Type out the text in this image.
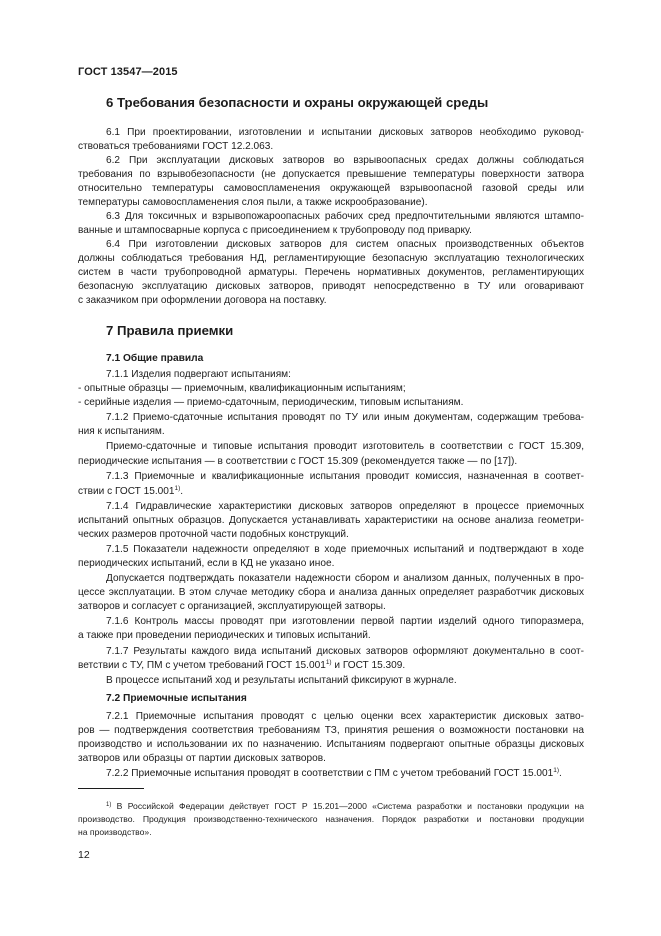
ГОСТ 13547—2015
6 Требования безопасности и охраны окружающей среды
6.1 При проектировании, изготовлении и испытании дисковых затворов необходимо руковод-
ствоваться требованиями ГОСТ 12.2.063.
6.2 При эксплуатации дисковых затворов во взрывоопасных средах должны соблюдаться
требования по взрывобезопасности (не допускается превышение температуры поверхности затвора
относительно температуры самовоспламенения окружающей взрывоопасной газовой среды или
температуры самовоспламенения слоя пыли, а также искрообразование).
6.3 Для токсичных и взрывопожароопасных рабочих сред предпочтительными являются штампо-
ванные и штампосварные корпуса с присоединением к трубопроводу под приварку.
6.4 При изготовлении дисковых затворов для систем опасных производственных объектов
должны соблюдаться требования НД, регламентирующие безопасную эксплуатацию технологических
систем в части трубопроводной арматуры. Перечень нормативных документов, регламентирующих
безопасную эксплуатацию дисковых затворов, приводят непосредственно в ТУ или оговаривают
с заказчиком при оформлении договора на поставку.
7 Правила приемки
7.1 Общие правила
7.1.1 Изделия подвергают испытаниям:
- опытные образцы — приемочным, квалификационным испытаниям;
- серийные изделия — приемо-сдаточным, периодическим, типовым испытаниям.
7.1.2 Приемо-сдаточные испытания проводят по ТУ или иным документам, содержащим требова-
ния к испытаниям.
Приемо-сдаточные и типовые испытания проводит изготовитель в соответствии с ГОСТ 15.309,
периодические испытания — в соответствии с ГОСТ 15.309 (рекомендуется также — по [17]).
7.1.3 Приемочные и квалификационные испытания проводит комиссия, назначенная в соответ-
ствии с ГОСТ 15.001$^{1)}$.
7.1.4 Гидравлические характеристики дисковых затворов определяют в процессе приемочных
испытаний опытных образцов. Допускается устанавливать характеристики на основе анализа геометри-
ческих размеров проточной части подобных конструкций.
7.1.5 Показатели надежности определяют в ходе приемочных испытаний и подтверждают в ходе
периодических испытаний, если в КД не указано иное.
Допускается подтверждать показатели надежности сбором и анализом данных, полученных в про-
цессе эксплуатации. В этом случае методику сбора и анализа данных определяет разработчик дисковых
затворов и согласует с организацией, эксплуатирующей затворы.
7.1.6 Контроль массы проводят при изготовлении первой партии изделий одного типоразмера,
а также при проведении периодических и типовых испытаний.
7.1.7 Результаты каждого вида испытаний дисковых затворов оформляют документально в соот-
ветствии с ТУ, ПМ с учетом требований ГОСТ 15.001$^{1)}$ и ГОСТ 15.309.
В процессе испытаний ход и результаты испытаний фиксируют в журнале.
7.2 Приемочные испытания
7.2.1 Приемочные испытания проводят с целью оценки всех характеристик дисковых затво-
ров — подтверждения соответствия требованиям ТЗ, принятия решения о возможности постановки на
производство и использовании их по назначению. Испытаниям подвергают опытные образцы дисковых
затворов или образцы от партии дисковых затворов.
7.2.2 Приемочные испытания проводят в соответствии с ПМ с учетом требований ГОСТ 15.001$^{1)}$.
$^{1)}$ В Российской Федерации действует ГОСТ Р 15.201—2000 «Система разработки и постановки продукции на
производство. Продукция производственно-технического назначения. Порядок разработки и постановки продукции
на производство».
12
